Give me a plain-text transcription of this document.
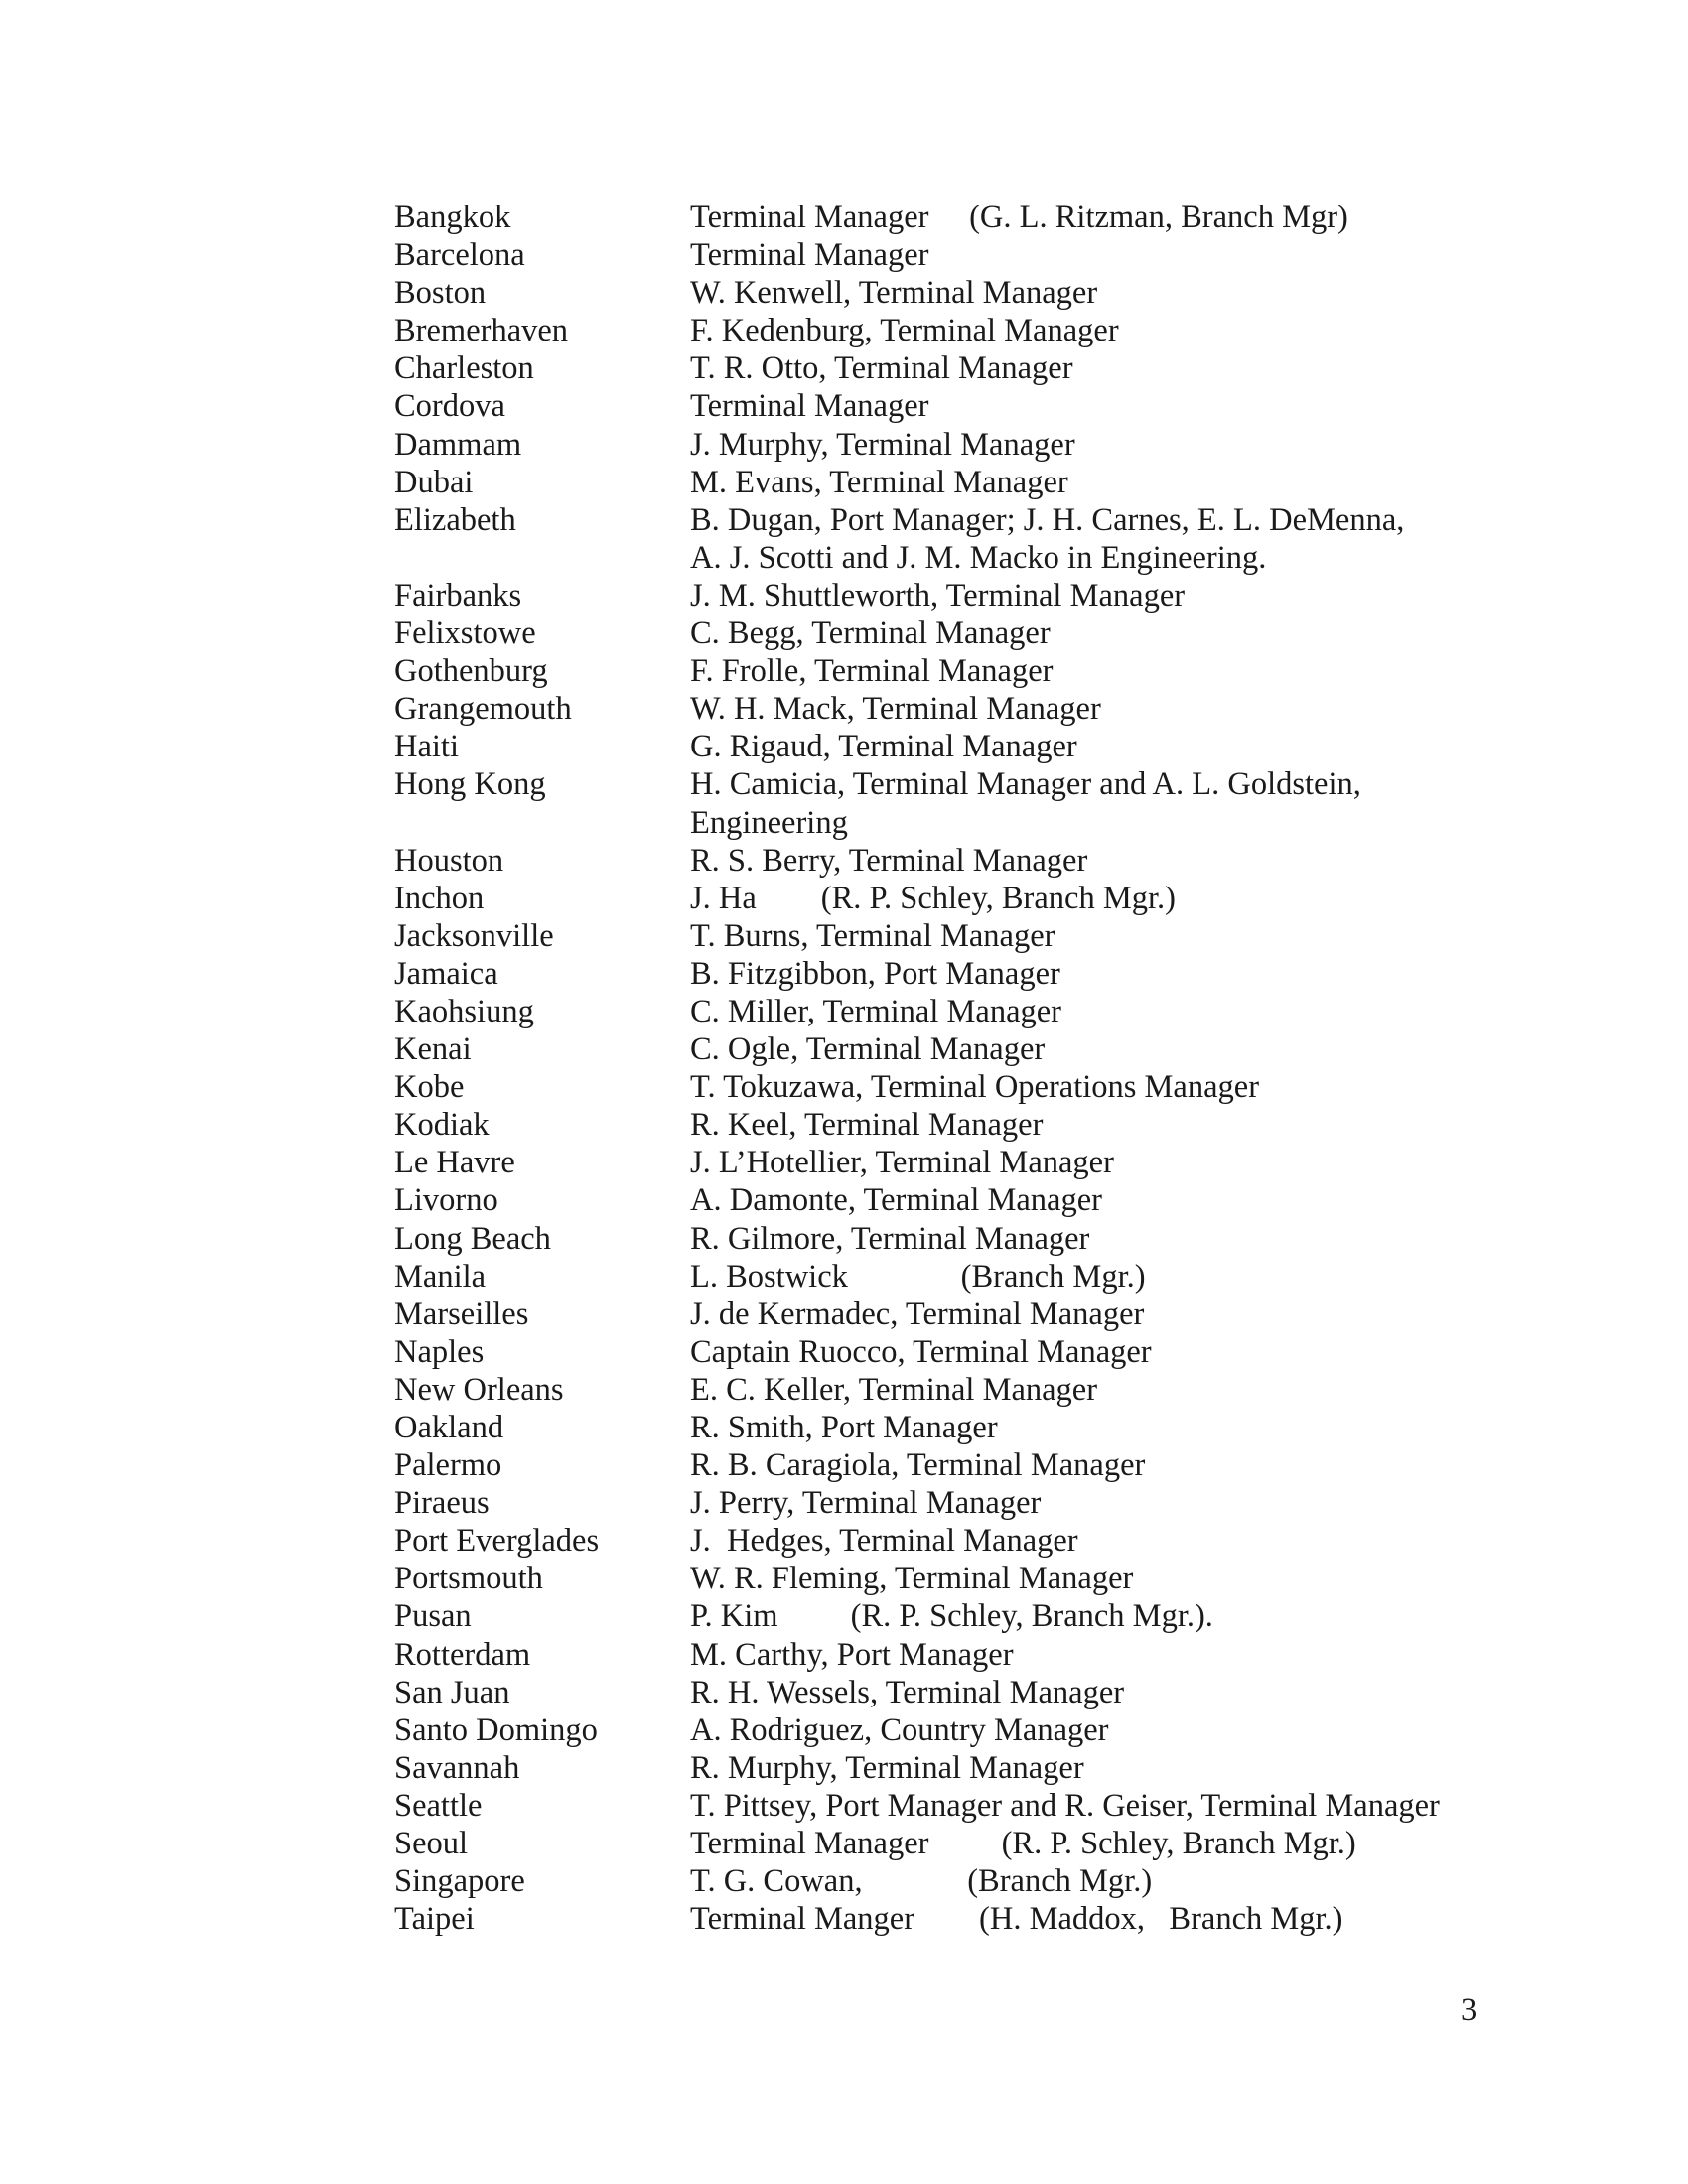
Bangkok	Terminal Manager     (G. L. Ritzman, Branch Mgr)
Barcelona	Terminal Manager
Boston	W. Kenwell, Terminal Manager
Bremerhaven	F. Kedenburg, Terminal Manager
Charleston	T. R. Otto, Terminal Manager
Cordova	Terminal Manager
Dammam	J. Murphy, Terminal Manager
Dubai	M. Evans, Terminal Manager
Elizabeth	B. Dugan, Port Manager; J. H. Carnes, E. L. DeMenna,
A. J. Scotti and J. M. Macko in Engineering.
Fairbanks	J. M. Shuttleworth, Terminal Manager
Felixstowe	C. Begg, Terminal Manager
Gothenburg	F. Frolle, Terminal Manager
Grangemouth	W. H. Mack, Terminal Manager
Haiti	G. Rigaud, Terminal Manager
Hong Kong	H. Camicia, Terminal Manager and A. L. Goldstein,
Engineering
Houston	R. S. Berry, Terminal Manager
Inchon	J. Ha        (R. P. Schley, Branch Mgr.)
Jacksonville	T. Burns, Terminal Manager
Jamaica	B. Fitzgibbon, Port Manager
Kaohsiung	C. Miller, Terminal Manager
Kenai	C. Ogle, Terminal Manager
Kobe	T. Tokuzawa, Terminal Operations Manager
Kodiak	R. Keel, Terminal Manager
Le Havre	J. L’Hotellier, Terminal Manager
Livorno	A. Damonte, Terminal Manager
Long Beach	R. Gilmore, Terminal Manager
Manila	L. Bostwick              (Branch Mgr.)
Marseilles	J. de Kermadec, Terminal Manager
Naples	Captain Ruocco, Terminal Manager
New Orleans	E. C. Keller, Terminal Manager
Oakland	R. Smith, Port Manager
Palermo	R. B. Caragiola, Terminal Manager
Piraeus	J. Perry, Terminal Manager
Port Everglades	J.  Hedges, Terminal Manager
Portsmouth	W. R. Fleming, Terminal Manager
Pusan	P. Kim         (R. P. Schley, Branch Mgr.).
Rotterdam	M. Carthy, Port Manager
San Juan	R. H. Wessels, Terminal Manager
Santo Domingo	A. Rodriguez, Country Manager
Savannah	R. Murphy, Terminal Manager
Seattle	T. Pittsey, Port Manager and R. Geiser, Terminal Manager
Seoul	Terminal Manager         (R. P. Schley, Branch Mgr.)
Singapore	T. G. Cowan,             (Branch Mgr.)
Taipei	Terminal Manger        (H. Maddox,   Branch Mgr.)
3
